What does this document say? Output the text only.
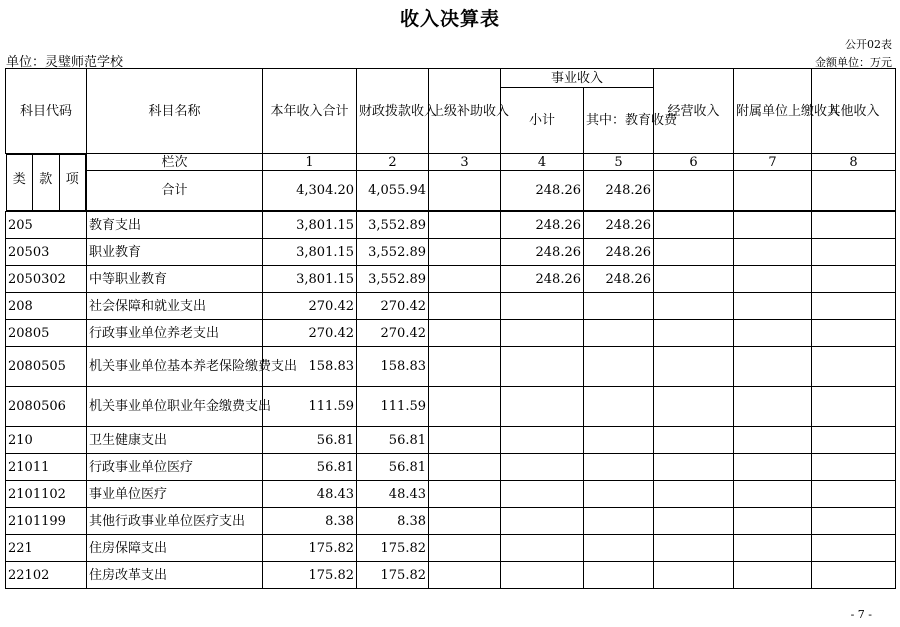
收入决算表
公开02表
单位：灵璧师范学校	金额单位：万元
科目代码	科目名称	本年收入合计	财政拨款收入	上级补助收入	事业收入		经营收入	附属单位上缴收入	其他收入
					小计	其中：教育收费			

类 款 项	栏次	1	2	3	4	5	6	7	8
	合计	4,304.20	4,055.94		248.26	248.26			

205	教育支出	3,801.15	3,552.89		248.26	248.26			
20503	职业教育	3,801.15	3,552.89		248.26	248.26			
2050302	中等职业教育	3,801.15	3,552.89		248.26	248.26			
208	社会保障和就业支出	270.42	270.42						
20805	行政事业单位养老支出	270.42	270.42						
2080505	机关事业单位基本养老保险缴费支出	158.83	158.83						
2080506	机关事业单位职业年金缴费支出	111.59	111.59						
210	卫生健康支出	56.81	56.81						
21011	行政事业单位医疗	56.81	56.81						
2101102	事业单位医疗	48.43	48.43						
2101199	其他行政事业单位医疗支出	8.38	8.38						
221	住房保障支出	175.82	175.82						
22102	住房改革支出	175.82	175.82						
- 7 -
